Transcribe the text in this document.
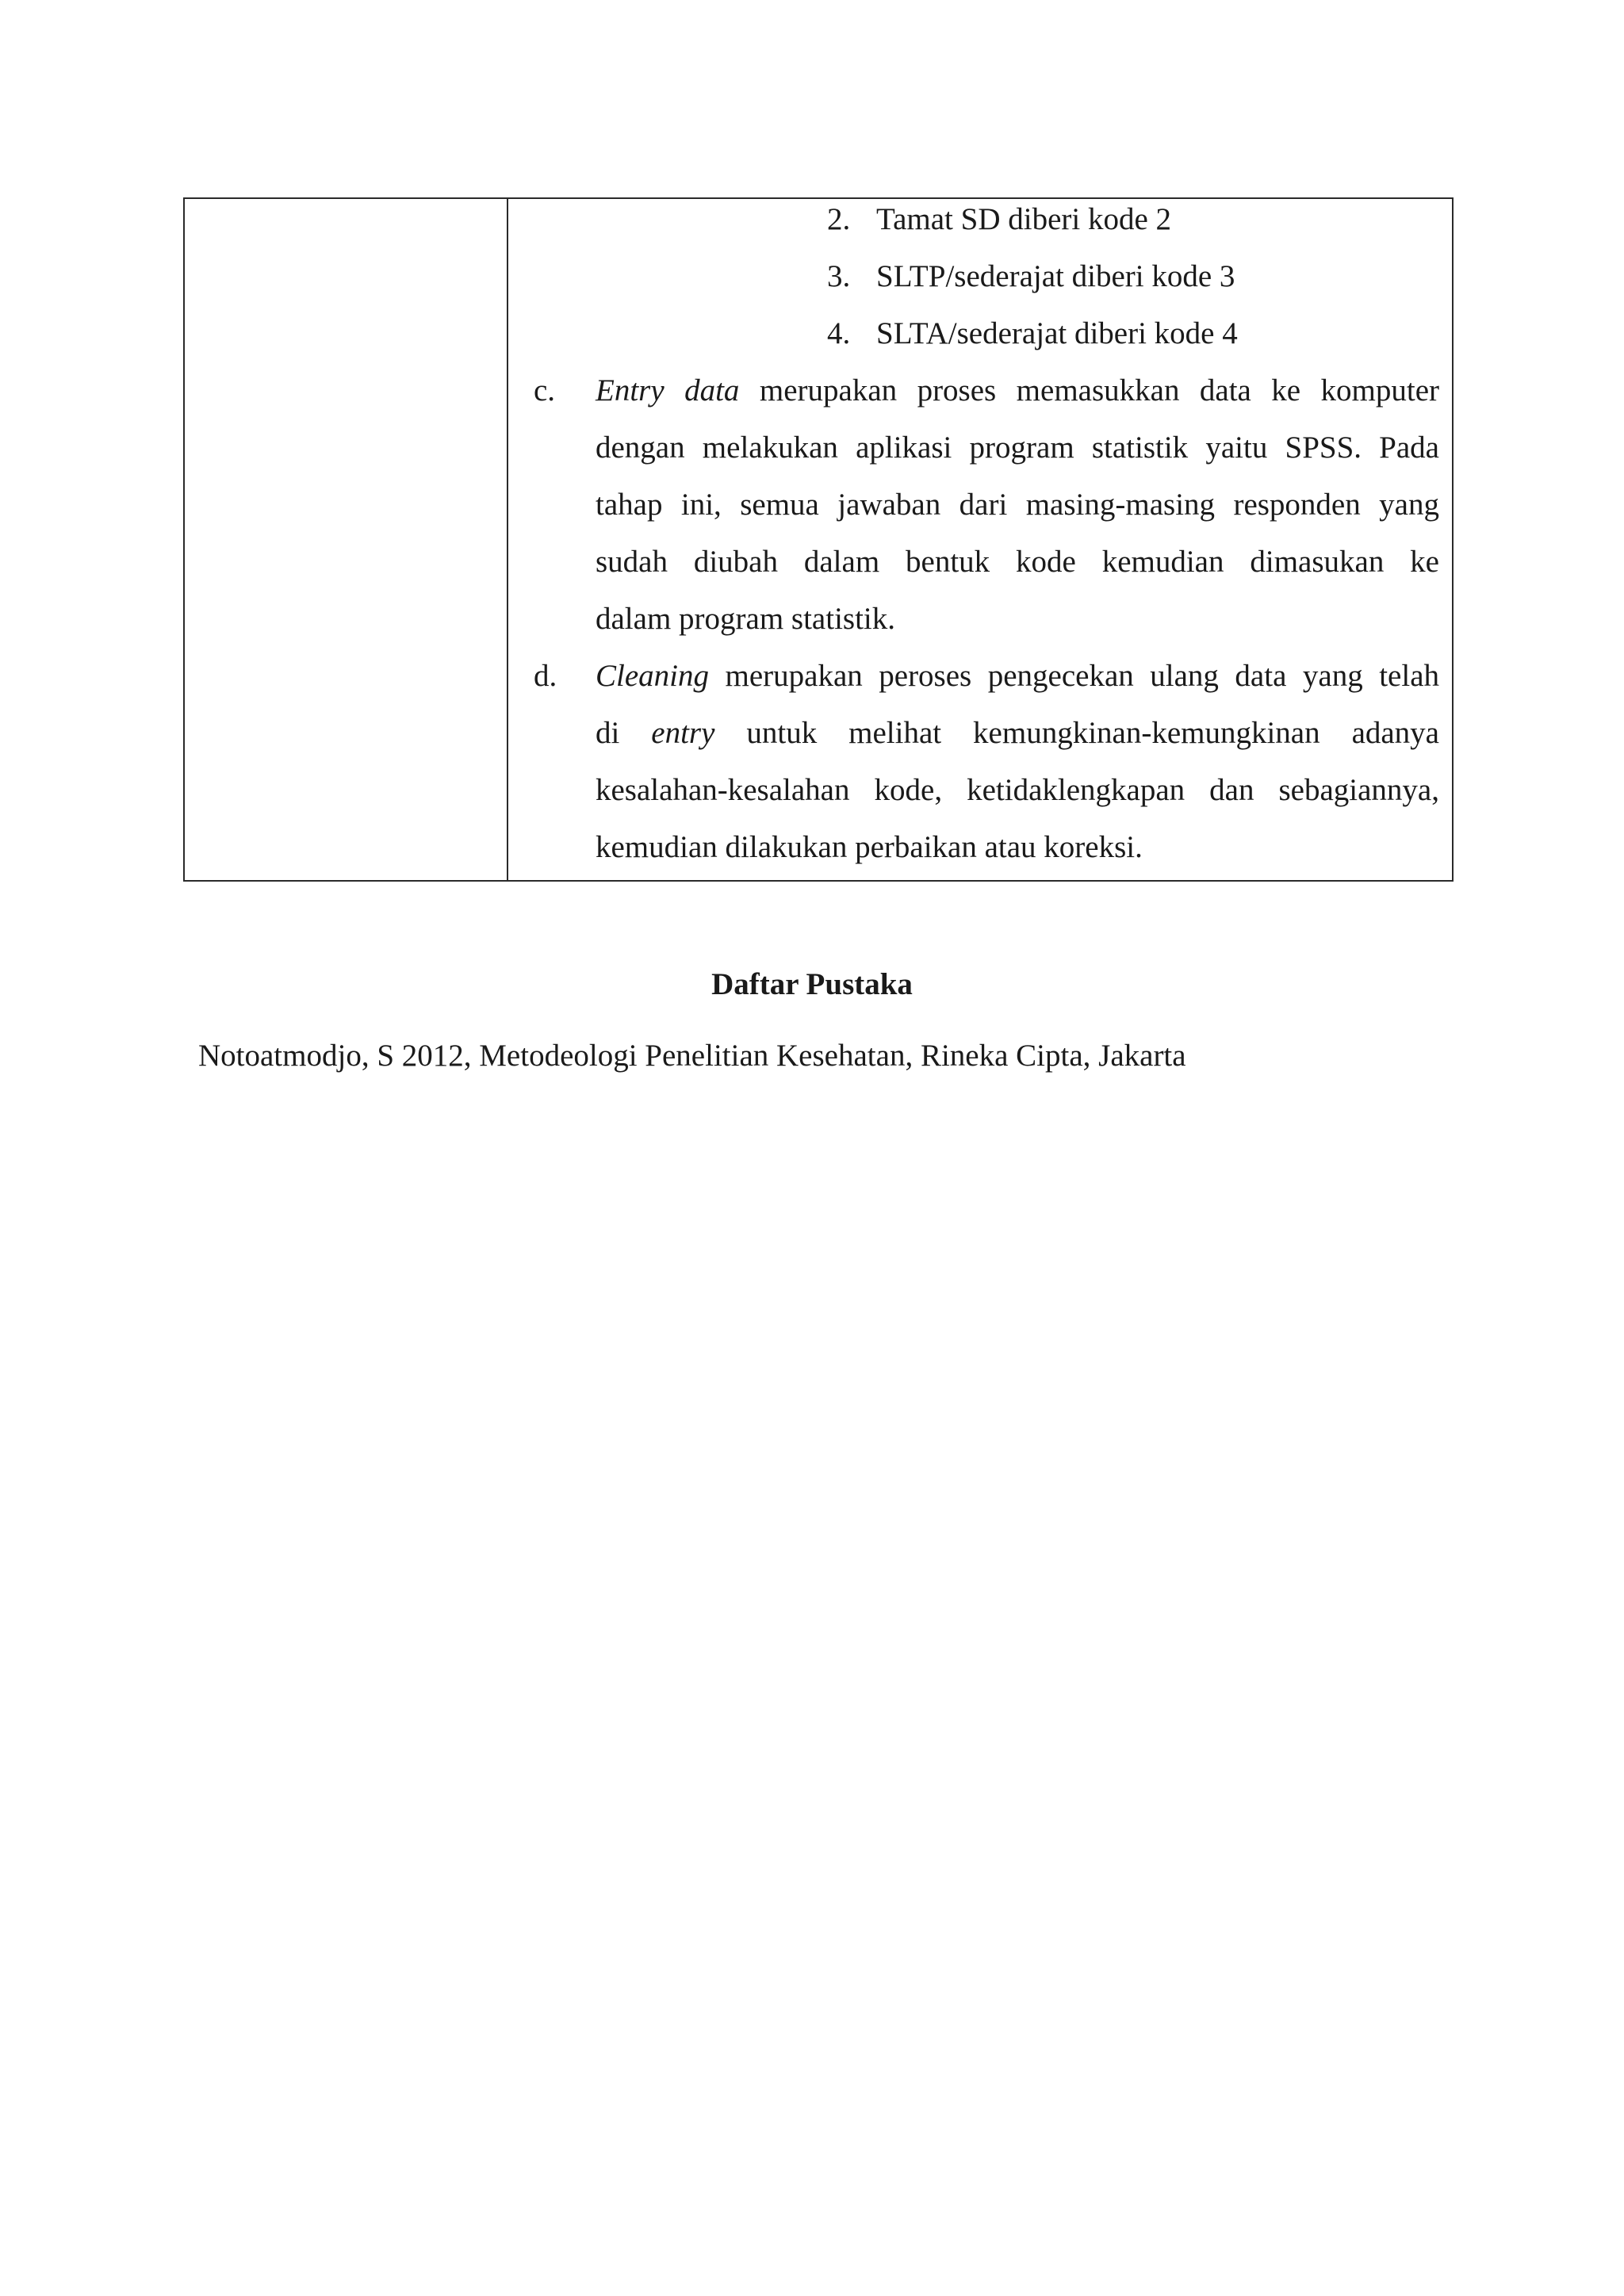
2. Tamat SD diberi kode 2
3. SLTP/sederajat diberi kode 3
4. SLTA/sederajat diberi kode 4
c. Entry data merupakan proses memasukkan data ke komputer
dengan melakukan aplikasi program statistik yaitu SPSS. Pada
tahap ini, semua jawaban dari masing-masing responden yang
sudah diubah dalam bentuk kode kemudian dimasukan ke
dalam program statistik.
d. Cleaning merupakan peroses pengecekan ulang data yang telah
di entry untuk melihat kemungkinan-kemungkinan adanya
kesalahan-kesalahan kode, ketidaklengkapan dan sebagiannya,
kemudian dilakukan perbaikan atau koreksi.
Daftar Pustaka
Notoatmodjo, S 2012, Metodeologi Penelitian Kesehatan, Rineka Cipta, Jakarta
